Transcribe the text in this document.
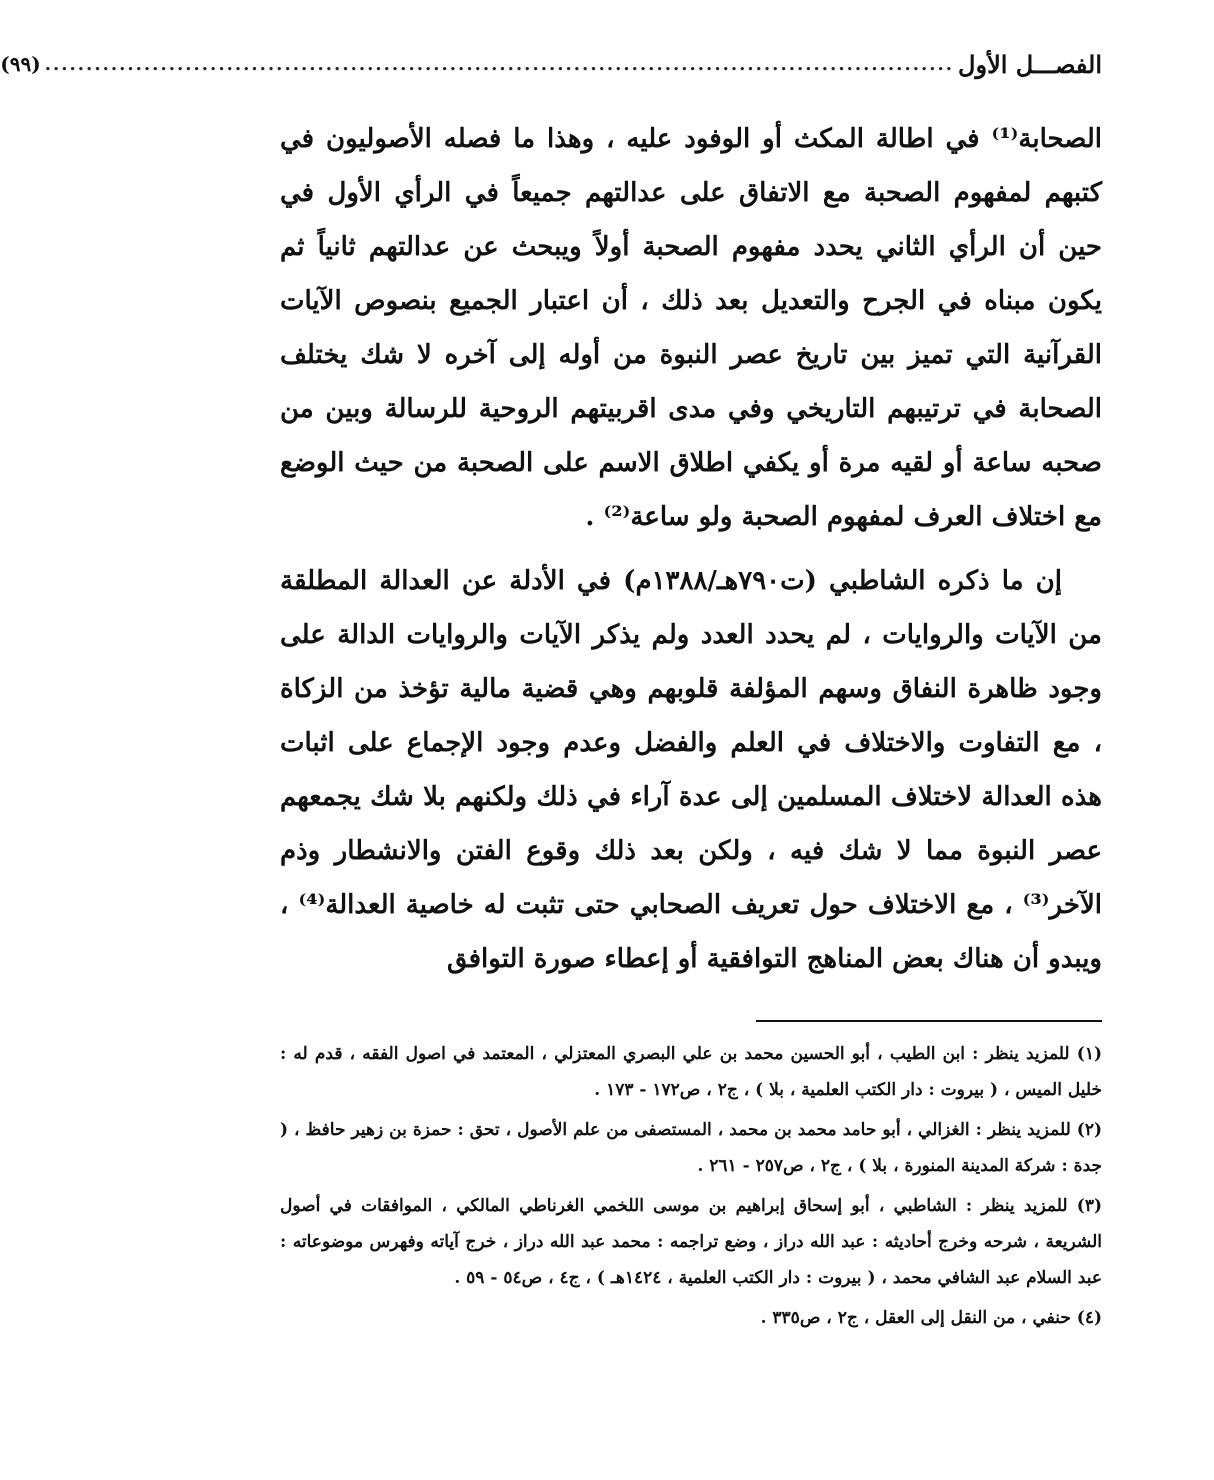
الفصـــل الأول
..............................................................................................................
(٩٩)

الصحابة⁽¹⁾ في اطالة المكث أو الوفود عليه ، وهذا ما فصله الأصوليون في كتبهم لمفهوم الصحبة مع الاتفاق على عدالتهم جميعاً في الرأي الأول في حين أن الرأي الثاني يحدد مفهوم الصحبة أولاً ويبحث عن عدالتهم ثانياً ثم يكون مبناه في الجرح والتعديل بعد ذلك ، أن اعتبار الجميع بنصوص الآيات القرآنية التي تميز بين تاريخ عصر النبوة من أوله إلى آخره لا شك يختلف الصحابة في ترتيبهم التاريخي وفي مدى اقربيتهم الروحية للرسالة وبين من صحبه ساعة أو لقيه مرة أو يكفي اطلاق الاسم على الصحبة من حيث الوضع مع اختلاف العرف لمفهوم الصحبة ولو ساعة⁽²⁾ .

إن ما ذكره الشاطبي (ت٧٩٠هـ/١٣٨٨م) في الأدلة عن العدالة المطلقة من الآيات والروايات ، لم يحدد العدد ولم يذكر الآيات والروايات الدالة على وجود ظاهرة النفاق وسهم المؤلفة قلوبهم وهي قضية مالية تؤخذ من الزكاة ، مع التفاوت والاختلاف في العلم والفضل وعدم وجود الإجماع على اثبات هذه العدالة لاختلاف المسلمين إلى عدة آراء في ذلك ولكنهم بلا شك يجمعهم عصر النبوة مما لا شك فيه ، ولكن بعد ذلك وقوع الفتن والانشطار وذم الآخر⁽³⁾ ، مع الاختلاف حول تعريف الصحابي حتى تثبت له خاصية العدالة⁽⁴⁾ ، ويبدو أن هناك بعض المناهج التوافقية أو إعطاء صورة التوافق

(١) للمزيد ينظر : ابن الطيب ، أبو الحسين محمد بن علي البصري المعتزلي ، المعتمد في اصول الفقه ، قدم له : خليل الميس ، ( بيروت : دار الكتب العلمية ، بلا ) ، ج٢ ، ص١٧٢ - ١٧٣ .

(٢) للمزيد ينظر : الغزالي ، أبو حامد محمد بن محمد ، المستصفى من علم الأصول ، تحق : حمزة بن زهير حافظ ، ( جدة : شركة المدينة المنورة ، بلا ) ، ج٢ ، ص٢٥٧ - ٢٦١ .

(٣) للمزيد ينظر : الشاطبي ، أبو إسحاق إبراهيم بن موسى اللخمي الغرناطي المالكي ، الموافقات في أصول الشريعة ، شرحه وخرج أحاديثه : عبد الله دراز ، وضع تراجمه : محمد عبد الله دراز ، خرج آياته وفهرس موضوعاته : عبد السلام عبد الشافي محمد ، ( بيروت : دار الكتب العلمية ، ١٤٢٤هـ ) ، ج٤ ، ص٥٤ - ٥٩ .

(٤) حنفي ، من النقل إلى العقل ، ج٢ ، ص٣٣٥ .
